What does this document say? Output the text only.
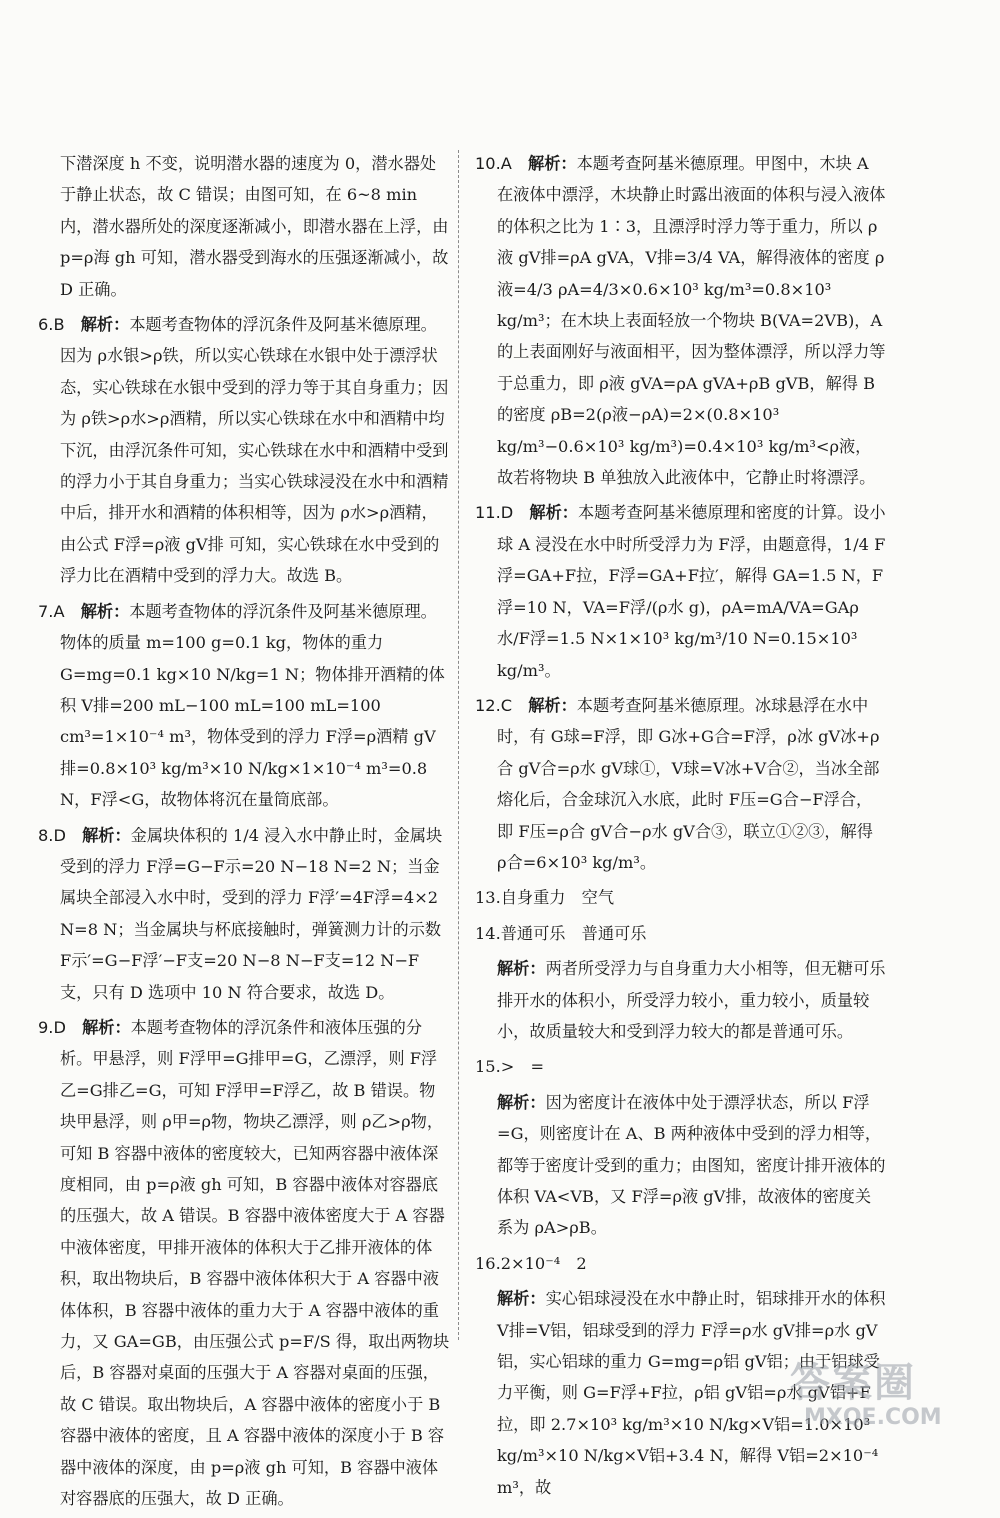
下潜深度 h 不变，说明潜水器的速度为 0，潜水器处于静止状态，故 C 错误；由图可知，在 6~8 min 内，潜水器所处的深度逐渐减小，即潜水器在上浮，由 p=ρ海 gh 可知，潜水器受到海水的压强逐渐减小，故 D 正确。
6.B　 解析：本题考查物体的浮沉条件及阿基米德原理。因为 ρ水银>ρ铁，所以实心铁球在水银中处于漂浮状态，实心铁球在水银中受到的浮力等于其自身重力；因为 ρ铁>ρ水>ρ酒精，所以实心铁球在水中和酒精中均下沉，由浮沉条件可知，实心铁球在水中和酒精中受到的浮力小于其自身重力；当实心铁球浸没在水中和酒精中后，排开水和酒精的体积相等，因为 ρ水>ρ酒精，由公式 F浮=ρ液 gV排 可知，实心铁球在水中受到的浮力比在酒精中受到的浮力大。故选 B。
7.A　 解析：本题考查物体的浮沉条件及阿基米德原理。物体的质量 m=100 g=0.1 kg，物体的重力 G=mg=0.1 kg×10 N/kg=1 N；物体排开酒精的体积 V排=200 mL−100 mL=100 mL=100 cm³=1×10⁻⁴ m³，物体受到的浮力 F浮=ρ酒精 gV排=0.8×10³ kg/m³×10 N/kg×1×10⁻⁴ m³=0.8 N，F浮<G，故物体将沉在量筒底部。
8.D　 解析：金属块体积的 1/4 浸入水中静止时，金属块受到的浮力 F浮=G−F示=20 N−18 N=2 N；当金属块全部浸入水中时，受到的浮力 F浮′=4F浮=4×2 N=8 N；当金属块与杯底接触时，弹簧测力计的示数 F示′=G−F浮′−F支=20 N−8 N−F支=12 N−F支，只有 D 选项中 10 N 符合要求，故选 D。
9.D　 解析：本题考查物体的浮沉条件和液体压强的分析。甲悬浮，则 F浮甲=G排甲=G，乙漂浮，则 F浮乙=G排乙=G，可知 F浮甲=F浮乙，故 B 错误。物块甲悬浮，则 ρ甲=ρ物，物块乙漂浮，则 ρ乙>ρ物，可知 B 容器中液体的密度较大，已知两容器中液体深度相同，由 p=ρ液 gh 可知，B 容器中液体对容器底的压强大，故 A 错误。B 容器中液体密度大于 A 容器中液体密度，甲排开液体的体积大于乙排开液体的体积，取出物块后，B 容器中液体体积大于 A 容器中液体体积，B 容器中液体的重力大于 A 容器中液体的重力，又 GA=GB，由压强公式 p=F/S 得，取出两物块后，B 容器对桌面的压强大于 A 容器对桌面的压强，故 C 错误。取出物块后，A 容器中液体的密度小于 B 容器中液体的密度，且 A 容器中液体的深度小于 B 容器中液体的深度，由 p=ρ液 gh 可知，B 容器中液体对容器底的压强大，故 D 正确。
10.A　 解析：本题考查阿基米德原理。甲图中，木块 A 在液体中漂浮，木块静止时露出液面的体积与浸入液体的体积之比为 1∶3，且漂浮时浮力等于重力，所以 ρ液 gV排=ρA gVA，V排=3/4 VA，解得液体的密度 ρ液=4/3 ρA=4/3×0.6×10³ kg/m³=0.8×10³ kg/m³；在木块上表面轻放一个物块 B(VA=2VB)，A 的上表面刚好与液面相平，因为整体漂浮，所以浮力等于总重力，即 ρ液 gVA=ρA gVA+ρB gVB，解得 B 的密度 ρB=2(ρ液−ρA)=2×(0.8×10³ kg/m³−0.6×10³ kg/m³)=0.4×10³ kg/m³<ρ液，故若将物块 B 单独放入此液体中，它静止时将漂浮。
11.D　 解析：本题考查阿基米德原理和密度的计算。设小球 A 浸没在水中时所受浮力为 F浮，由题意得，1/4 F浮=GA+F拉，F浮=GA+F拉′，解得 GA=1.5 N，F浮=10 N，VA=F浮/(ρ水 g)，ρA=mA/VA=GAρ水/F浮=1.5 N×1×10³ kg/m³/10 N=0.15×10³ kg/m³。
12.C　 解析：本题考查阿基米德原理。冰球悬浮在水中时，有 G球=F浮，即 G冰+G合=F浮，ρ冰 gV冰+ρ合 gV合=ρ水 gV球①，V球=V冰+V合②，当冰全部熔化后，合金球沉入水底，此时 F压=G合−F浮合，即 F压=ρ合 gV合−ρ水 gV合③，联立①②③，解得 ρ合=6×10³ kg/m³。
13.自身重力　空气
14.普通可乐　普通可乐
解析：两者所受浮力与自身重力大小相等，但无糖可乐排开水的体积小，所受浮力较小，重力较小，质量较小，故质量较大和受到浮力较大的都是普通可乐。
15.>　=
解析：因为密度计在液体中处于漂浮状态，所以 F浮=G，则密度计在 A、B 两种液体中受到的浮力相等，都等于密度计受到的重力；由图知，密度计排开液体的体积 VA<VB，又 F浮=ρ液 gV排，故液体的密度关系为 ρA>ρB。
16.2×10⁻⁴　2
解析：实心铝球浸没在水中静止时，铝球排开水的体积 V排=V铝，铝球受到的浮力 F浮=ρ水 gV排=ρ水 gV铝，实心铝球的重力 G=mg=ρ铝 gV铝；由于铝球受力平衡，则 G=F浮+F拉，ρ铝 gV铝=ρ水 gV铝+F拉，即 2.7×10³ kg/m³×10 N/kg×V铝=1.0×10³ kg/m³×10 N/kg×V铝+3.4 N，解得 V铝=2×10⁻⁴ m³，故
答案圈
MXQE.COM
